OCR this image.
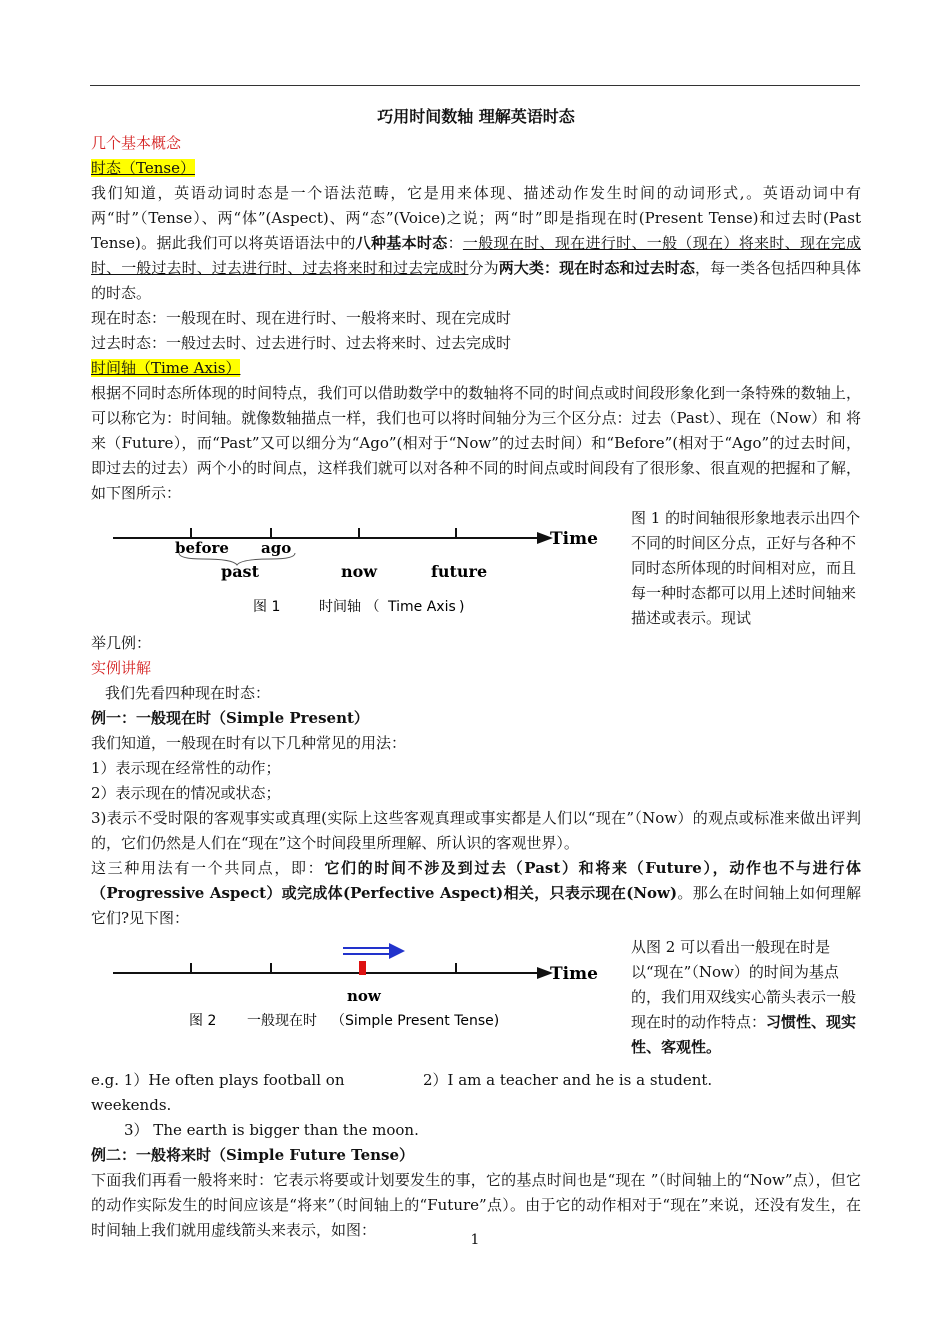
巧用时间数轴 理解英语时态

几个基本概念

时态（Tense）

我们知道，英语动词时态是一个语法范畴，它是用来体现、描述动作发生时间的动词形式,。英语动词中有两“时”（Tense）、两“体”(Aspect)、两“态”(Voice)之说；两“时”即是指现在时(Present Tense)和过去时(Past Tense)。据此我们可以将英语语法中的八种基本时态：一般现在时、现在进行时、一般（现在）将来时、现在完成时、一般过去时、过去进行时、过去将来时和过去完成时分为两大类：现在时态和过去时态，每一类各包括四种具体的时态。

现在时态：一般现在时、现在进行时、一般将来时、现在完成时

过去时态：一般过去时、过去进行时、过去将来时、过去完成时

时间轴（Time Axis）

根据不同时态所体现的时间特点，我们可以借助数学中的数轴将不同的时间点或时间段形象化到一条特殊的数轴上，可以称它为：时间轴。就像数轴描点一样，我们也可以将时间轴分为三个区分点：过去（Past）、现在（Now）和 将来（Future），而“Past”又可以细分为“Ago”(相对于“Now”的过去时间）和“Before”(相对于“Ago”的过去时间，即过去的过去）两个小的时间点，这样我们就可以对各种不同的时间点或时间段有了很形象、很直观的把握和了解，如下图所示：

before ago
past	now	future
Time
图 1	时间轴 （ Time Axis )
图 1 的时间轴很形象地表示出四个不同的时间区分点，正好与各种不同时态所体现的时间相对应，而且每一种时态都可以用上述时间轴来描述或表示。现试

举几例：

实例讲解

我们先看四种现在时态：

例一：一般现在时（Simple Present）

我们知道，一般现在时有以下几种常见的用法：

1）表示现在经常性的动作；

2）表示现在的情况或状态；

3)表示不受时限的客观事实或真理(实际上这些客观真理或事实都是人们以“现在”（Now）的观点或标准来做出评判的，它们仍然是人们在“现在”这个时间段里所理解、所认识的客观世界）。

这三种用法有一个共同点，即：它们的时间不涉及到过去（Past）和将来（Future），动作也不与进行体（Progressive Aspect）或完成体(Perfective Aspect)相关，只表示现在(Now)。那么在时间轴上如何理解它们?见下图：

now
Time
图 2 一般现在时 （Simple Present Tense)
从图 2 可以看出一般现在时是以“现在”（Now）的时间为基点的，我们用双线实心箭头表示一般现在时的动作特点：习惯性、现实性、客观性。
e.g. 1）He often plays football on weekends.
2）I am a teacher and he is a student.

3） The earth is bigger than the moon.

例二：一般将来时（Simple Future Tense）

下面我们再看一般将来时：它表示将要或计划要发生的事，它的基点时间也是“现在 ”（时间轴上的“Now”点），但它的动作实际发生的时间应该是“将来”（时间轴上的“Future”点）。由于它的动作相对于“现在”来说，还没有发生，在时间轴上我们就用虚线箭头来表示，如图：

1
